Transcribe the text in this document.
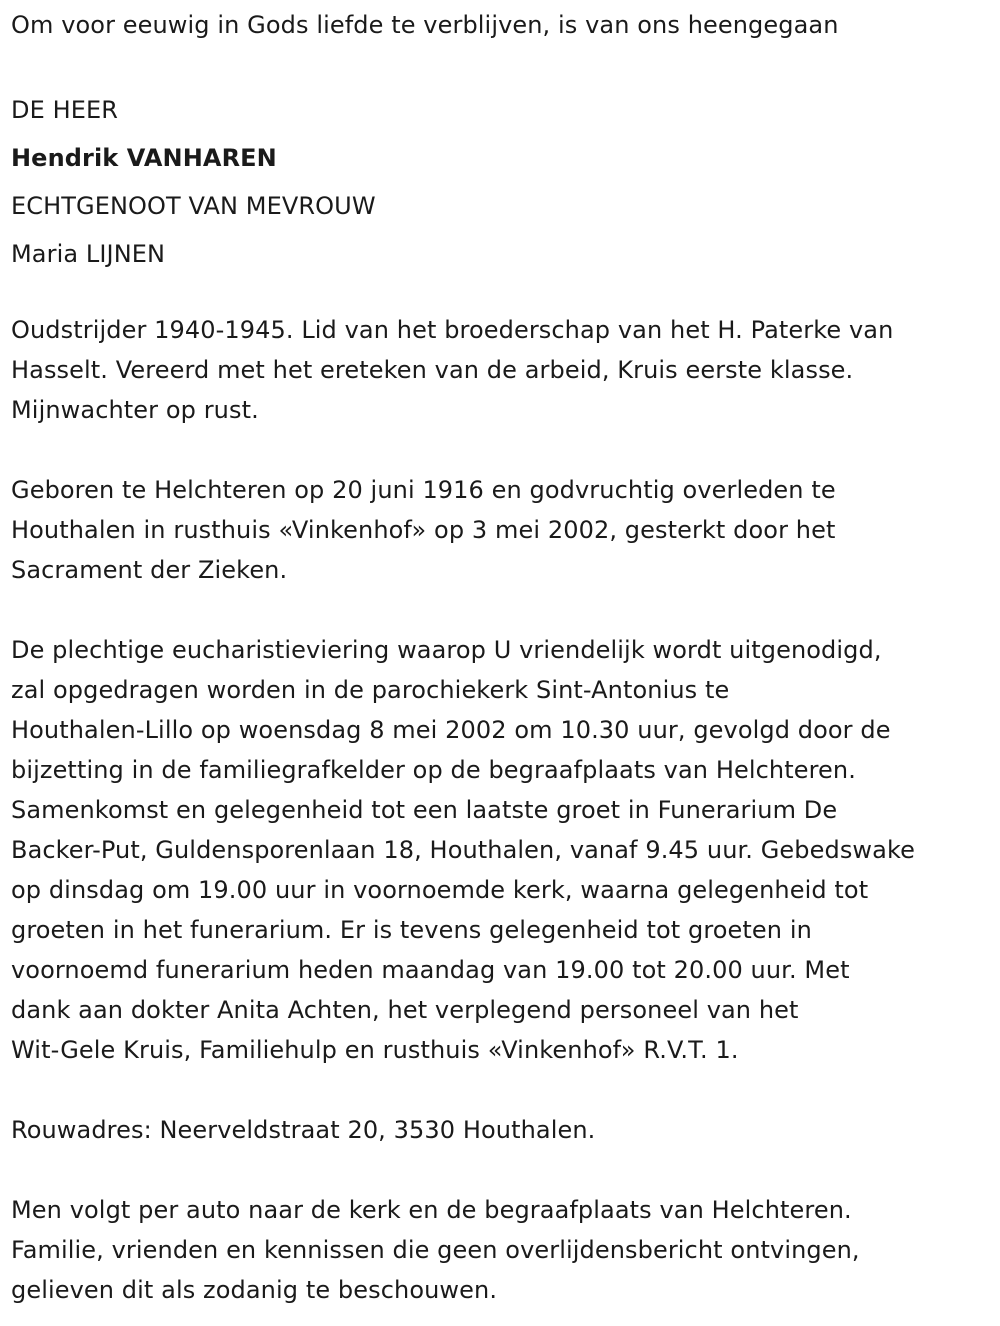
Om voor eeuwig in Gods liefde te verblijven, is van ons heengegaan
DE HEER
Hendrik VANHAREN
ECHTGENOOT VAN MEVROUW
Maria LIJNEN
Oudstrijder 1940-1945. Lid van het broederschap van het H. Paterke van
Hasselt. Vereerd met het ereteken van de arbeid, Kruis eerste klasse.
Mijnwachter op rust.
Geboren te Helchteren op 20 juni 1916 en godvruchtig overleden te
Houthalen in rusthuis «Vinkenhof» op 3 mei 2002, gesterkt door het
Sacrament der Zieken.
De plechtige eucharistieviering waarop U vriendelijk wordt uitgenodigd,
zal opgedragen worden in de parochiekerk Sint-Antonius te
Houthalen-Lillo op woensdag 8 mei 2002 om 10.30 uur, gevolgd door de
bijzetting in de familiegrafkelder op de begraafplaats van Helchteren.
Samenkomst en gelegenheid tot een laatste groet in Funerarium De
Backer-Put, Guldensporenlaan 18, Houthalen, vanaf 9.45 uur. Gebedswake
op dinsdag om 19.00 uur in voornoemde kerk, waarna gelegenheid tot
groeten in het funerarium. Er is tevens gelegenheid tot groeten in
voornoemd funerarium heden maandag van 19.00 tot 20.00 uur. Met
dank aan dokter Anita Achten, het verplegend personeel van het
Wit-Gele Kruis, Familiehulp en rusthuis «Vinkenhof» R.V.T. 1.
Rouwadres: Neerveldstraat 20, 3530 Houthalen.
Men volgt per auto naar de kerk en de begraafplaats van Helchteren.
Familie, vrienden en kennissen die geen overlijdensbericht ontvingen,
gelieven dit als zodanig te beschouwen.
